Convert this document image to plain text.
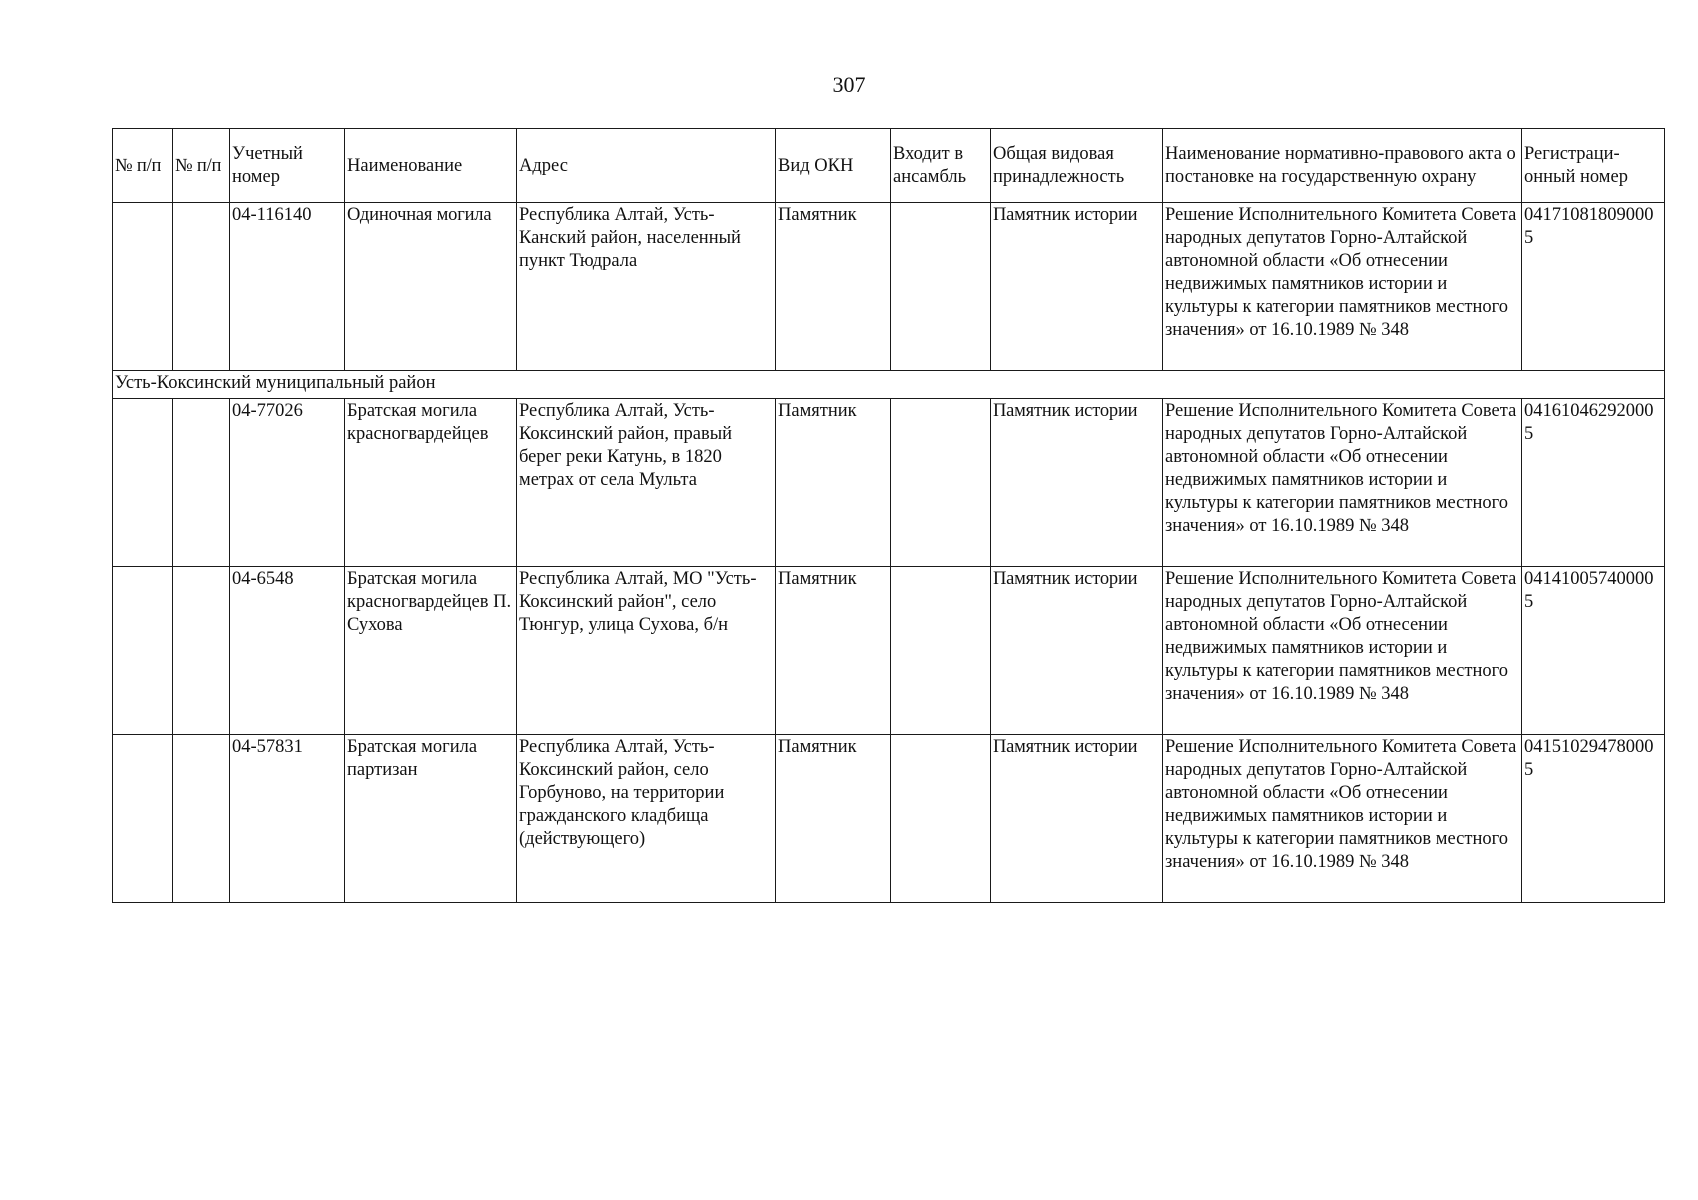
307
№ п/п	№ п/п	Учетный номер	Наименование	Адрес	Вид ОКН	Входит в ансамбль	Общая видовая принадлежность	Наименование нормативно-правового акта о постановке на государственную охрану	Регистраци-онный номер
		04-116140	Одиночная могила	Республика Алтай, Усть-Канский район, населенный пункт Тюдрала	Памятник		Памятник истории	Решение Исполнительного Комитета Совета народных депутатов Горно-Алтайской автономной области «Об отнесении недвижимых памятников истории и культуры к категории памятников местного значения» от 16.10.1989 № 348	041710818090005
Усть-Коксинский муниципальный район									
		04-77026	Братская могила красногвардейцев	Республика Алтай, Усть-Коксинский район, правый берег реки Катунь, в 1820 метрах от села Мульта	Памятник		Памятник истории	Решение Исполнительного Комитета Совета народных депутатов Горно-Алтайской автономной области «Об отнесении недвижимых памятников истории и культуры к категории памятников местного значения» от 16.10.1989 № 348	041610462920005
		04-6548	Братская могила красногвардейцев П. Сухова	Республика Алтай, МО "Усть-Коксинский район", село Тюнгур, улица Сухова, б/н	Памятник		Памятник истории	Решение Исполнительного Комитета Совета народных депутатов Горно-Алтайской автономной области «Об отнесении недвижимых памятников истории и культуры к категории памятников местного значения» от 16.10.1989 № 348	041410057400005
		04-57831	Братская могила партизан	Республика Алтай, Усть-Коксинский район, село Горбуново, на территории гражданского кладбища (действующего)	Памятник		Памятник истории	Решение Исполнительного Комитета Совета народных депутатов Горно-Алтайской автономной области «Об отнесении недвижимых памятников истории и культуры к категории памятников местного значения» от 16.10.1989 № 348	041510294780005
